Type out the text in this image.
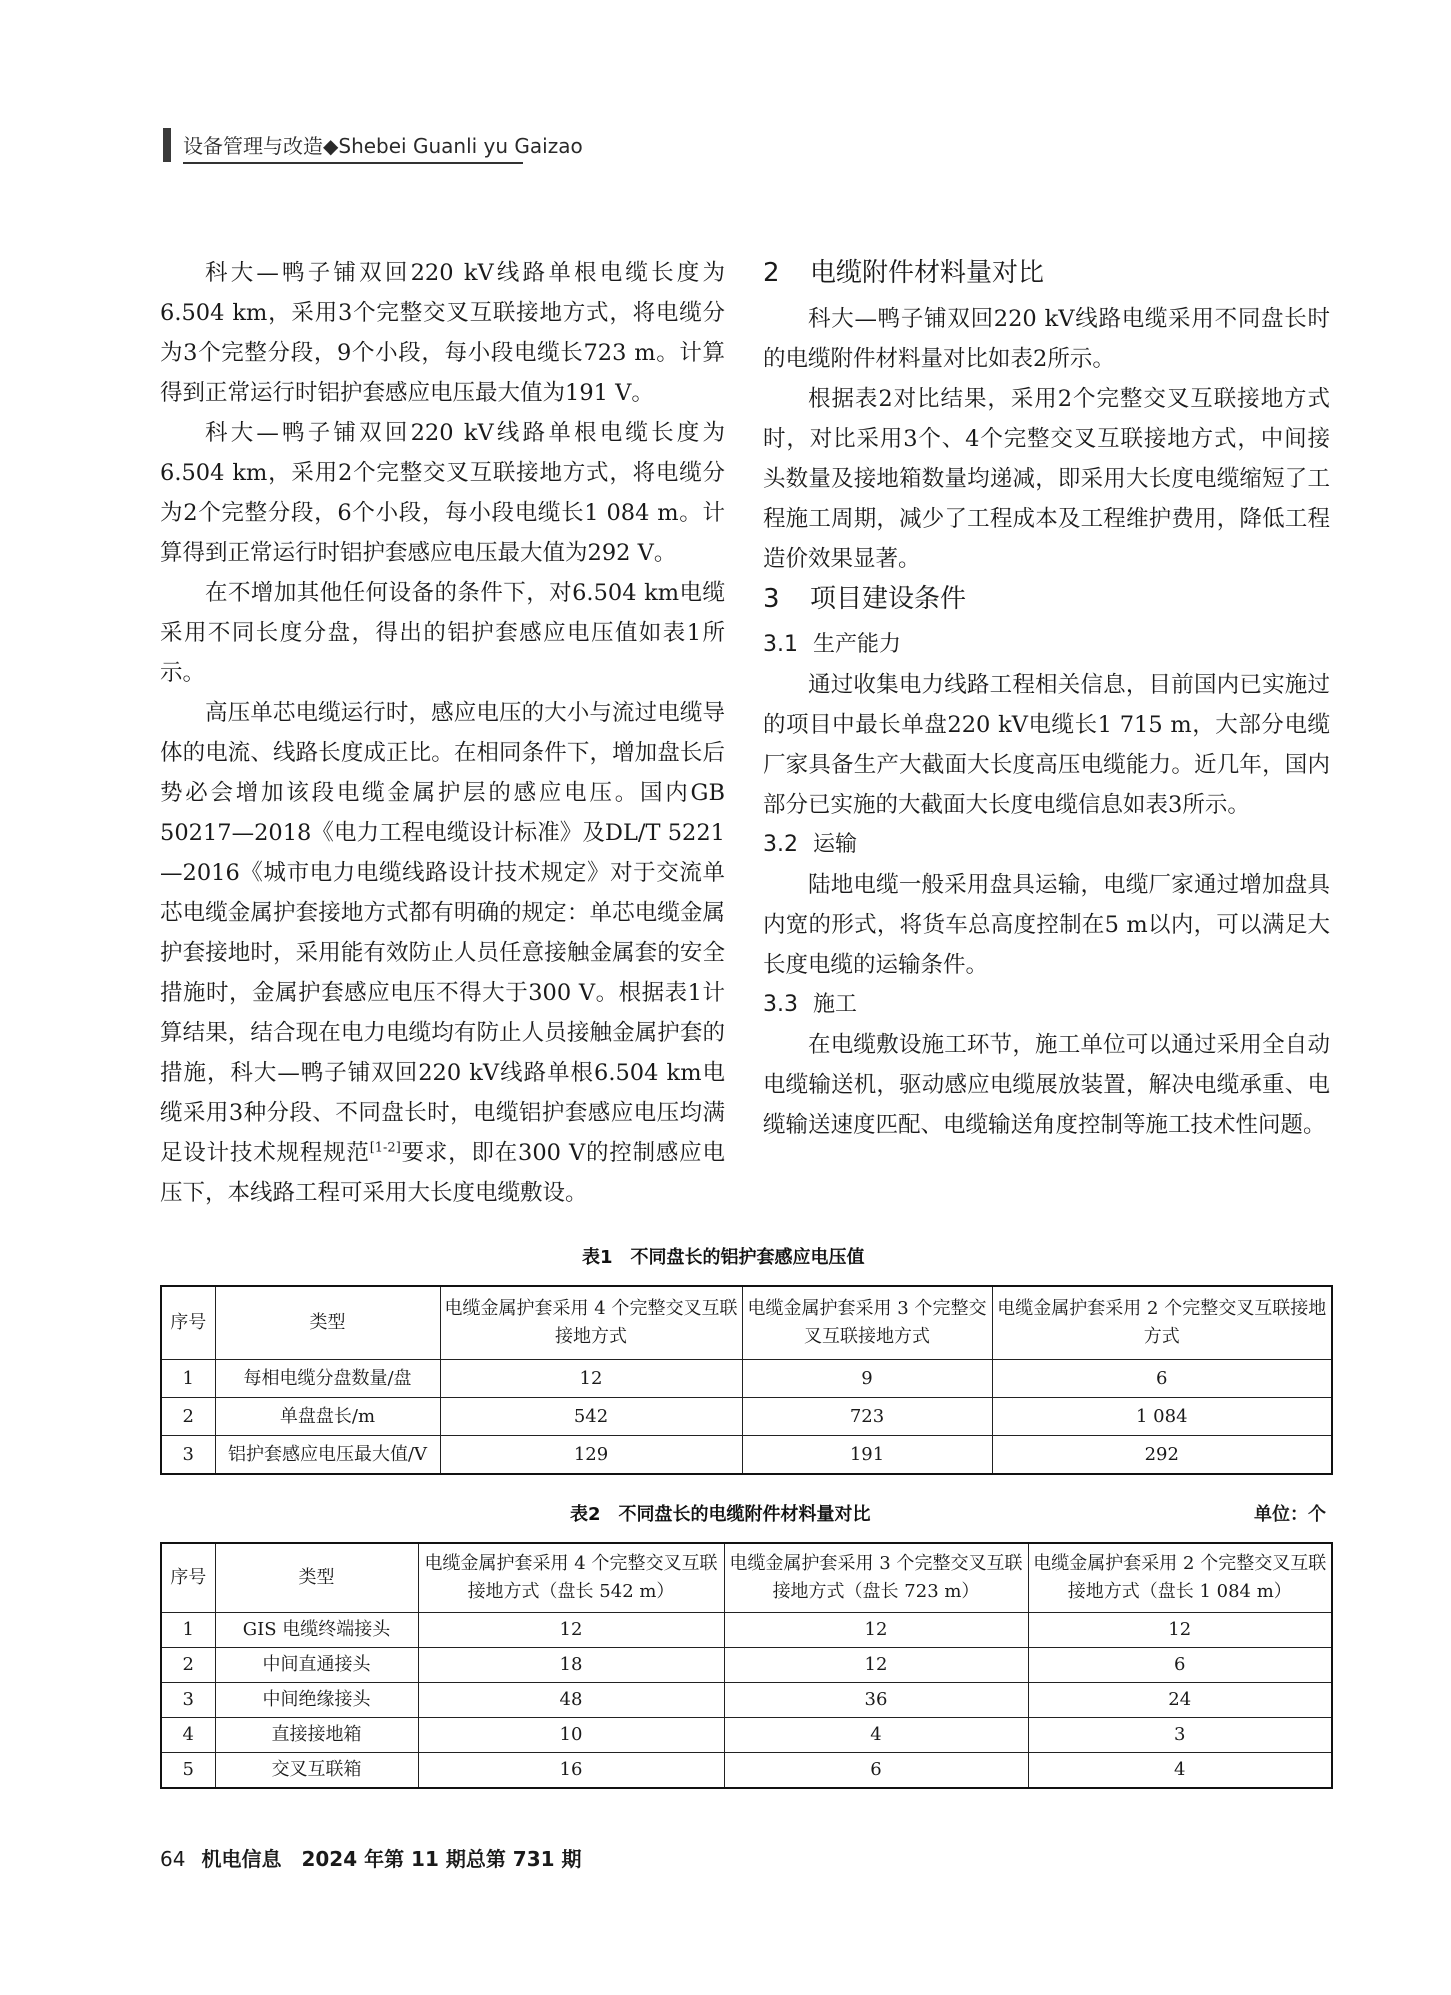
设备管理与改造◆Shebei Guanli yu Gaizao

科大—鸭子铺双回220 kV线路单根电缆长度为6.504 km，采用3个完整交叉互联接地方式，将电缆分为3个完整分段，9个小段，每小段电缆长723 m。计算得到正常运行时铝护套感应电压最大值为191 V。

科大—鸭子铺双回220 kV线路单根电缆长度为6.504 km，采用2个完整交叉互联接地方式，将电缆分为2个完整分段，6个小段，每小段电缆长1 084 m。计算得到正常运行时铝护套感应电压最大值为292 V。

在不增加其他任何设备的条件下，对6.504 km电缆采用不同长度分盘，得出的铝护套感应电压值如表1所示。

高压单芯电缆运行时，感应电压的大小与流过电缆导体的电流、线路长度成正比。在相同条件下，增加盘长后势必会增加该段电缆金属护层的感应电压。国内GB 50217—2018《电力工程电缆设计标准》及DL/T 5221—2016《城市电力电缆线路设计技术规定》对于交流单芯电缆金属护套接地方式都有明确的规定：单芯电缆金属护套接地时，采用能有效防止人员任意接触金属套的安全措施时，金属护套感应电压不得大于300 V。根据表1计算结果，结合现在电力电缆均有防止人员接触金属护套的措施，科大—鸭子铺双回220 kV线路单根6.504 km电缆采用3种分段、不同盘长时，电缆铝护套感应电压均满足设计技术规程规范[1-2]要求，即在300 V的控制感应电压下，本线路工程可采用大长度电缆敷设。

2 电缆附件材料量对比

科大—鸭子铺双回220 kV线路电缆采用不同盘长时的电缆附件材料量对比如表2所示。

根据表2对比结果，采用2个完整交叉互联接地方式时，对比采用3个、4个完整交叉互联接地方式，中间接头数量及接地箱数量均递减，即采用大长度电缆缩短了工程施工周期，减少了工程成本及工程维护费用，降低工程造价效果显著。

3 项目建设条件
3.1 生产能力

通过收集电力线路工程相关信息，目前国内已实施过的项目中最长单盘220 kV电缆长1 715 m，大部分电缆厂家具备生产大截面大长度高压电缆能力。近几年，国内部分已实施的大截面大长度电缆信息如表3所示。

3.2 运输

陆地电缆一般采用盘具运输，电缆厂家通过增加盘具内宽的形式，将货车总高度控制在5 m以内，可以满足大长度电缆的运输条件。

3.3 施工

在电缆敷设施工环节，施工单位可以通过采用全自动电缆输送机，驱动感应电缆展放装置，解决电缆承重、电缆输送速度匹配、电缆输送角度控制等施工技术性问题。

表1　不同盘长的铝护套感应电压值
序号	类型	电缆金属护套采用 4 个完整交叉互联接地方式	电缆金属护套采用 3 个完整交叉互联接地方式	电缆金属护套采用 2 个完整交叉互联接地方式
1	每相电缆分盘数量/盘	12	9	6
2	单盘盘长/m	542	723	1 084
3	铝护套感应电压最大值/V	129	191	292
表2　不同盘长的电缆附件材料量对比	单位：个
序号	类型	电缆金属护套采用 4 个完整交叉互联接地方式（盘长 542 m）	电缆金属护套采用 3 个完整交叉互联接地方式（盘长 723 m）	电缆金属护套采用 2 个完整交叉互联接地方式（盘长 1 084 m）
1	GIS 电缆终端接头	12	12	12
2	中间直通接头	18	12	6
3	中间绝缘接头	48	36	24
4	直接接地箱	10	4	3
5	交叉互联箱	16	6	4
64 机电信息　2024 年第 11 期总第 731 期
